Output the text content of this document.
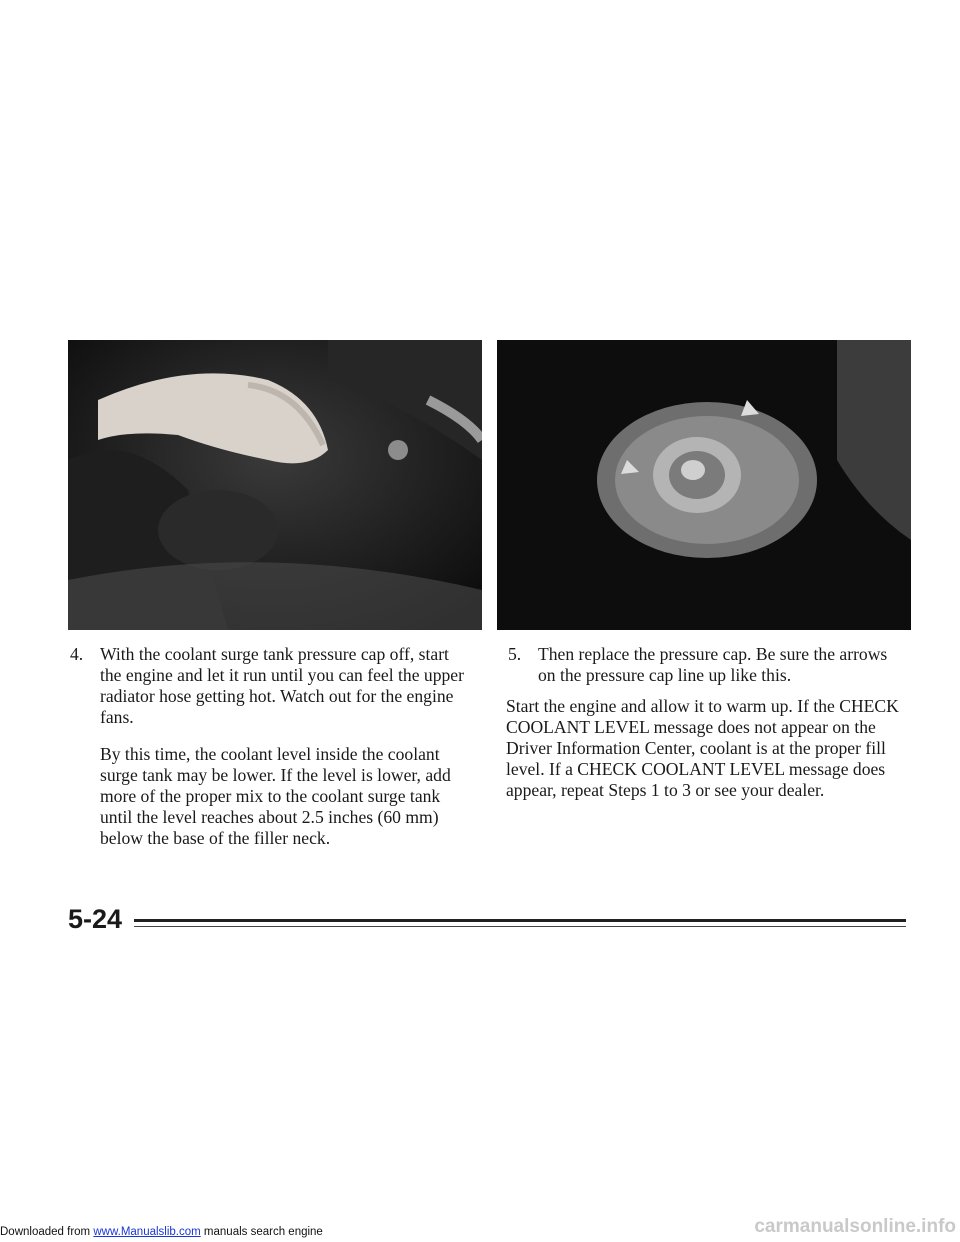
4. With the coolant surge tank pressure cap off, start the engine and let it run until you can feel the upper radiator hose getting hot. Watch out for the engine fans.

By this time, the coolant level inside the coolant surge tank may be lower. If the level is lower, add more of the proper mix to the coolant surge tank until the level reaches about 2.5 inches (60 mm) below the base of the filler neck.

5. Then replace the pressure cap. Be sure the arrows on the pressure cap line up like this.

Start the engine and allow it to warm up. If the CHECK COOLANT LEVEL message does not appear on the Driver Information Center, coolant is at the proper fill level. If a CHECK COOLANT LEVEL message does appear, repeat Steps 1 to 3 or see your dealer.

5-24
Downloaded from www.Manualslib.com manuals search engine	carmanualsonline.info
